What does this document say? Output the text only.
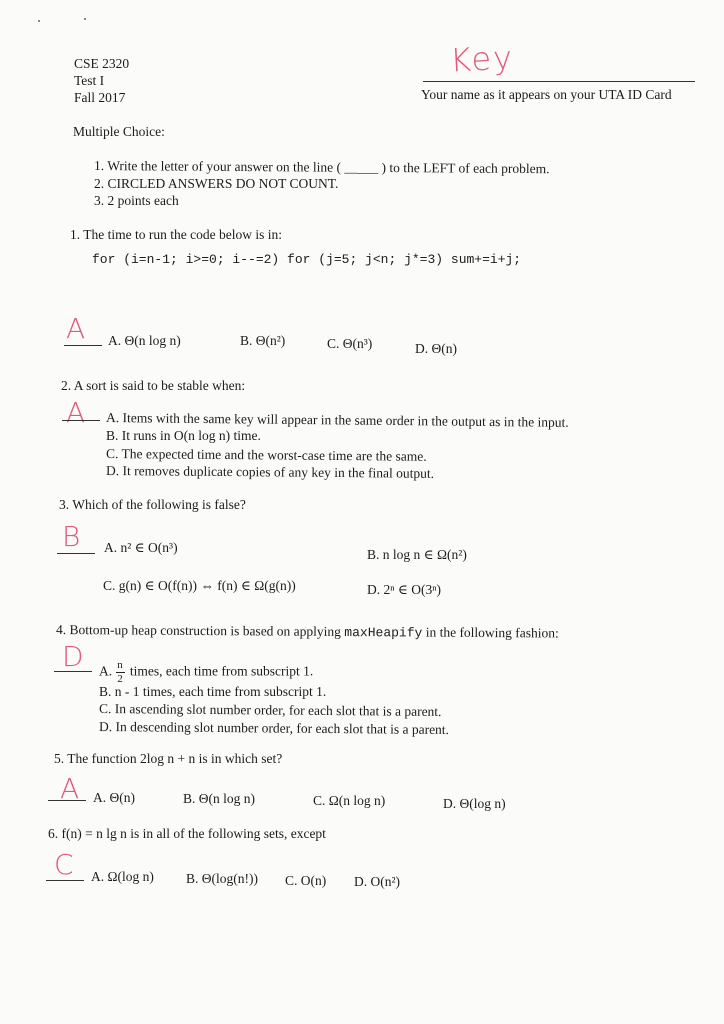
CSE 2320
Test I
Fall 2017
Key
Your name as it appears on your UTA ID Card
Multiple Choice:
1. Write the letter of your answer on the line ( _____ ) to the LEFT of each problem.
2. CIRCLED ANSWERS DO NOT COUNT.
3. 2 points each
1. The time to run the code below is in:
for (i=n-1; i>=0; i--=2) for (j=5; j<n; j*=3) sum+=i+j;
A A. Θ(n log n)	B. Θ(n²)	C. Θ(n³)	D. Θ(n)
2. A sort is said to be stable when:
A A. Items with the same key will appear in the same order in the output as in the input.
B. It runs in O(n log n) time.
C. The expected time and the worst-case time are the same.
D. It removes duplicate copies of any key in the final output.
3. Which of the following is false?
B A. n² ∈ O(n³)	B. n log n ∈ Ω(n²)
C. g(n) ∈ O(f(n)) ⇔ f(n) ∈ Ω(g(n))	D. 2ⁿ ∈ O(3ⁿ)
4. Bottom-up heap construction is based on applying maxHeapify in the following fashion:
D A. $\frac{n}{2}$ times, each time from subscript 1.
B. n - 1 times, each time from subscript 1.
C. In ascending slot number order, for each slot that is a parent.
D. In descending slot number order, for each slot that is a parent.
5. The function 2log n + n is in which set?
A A. Θ(n)	B. Θ(n log n)	C. Ω(n log n)	D. Θ(log n)
6. f(n) = n lg n is in all of the following sets, except
C A. Ω(log n) B. Θ(log(n!)) C. O(n) D. O(n²)
